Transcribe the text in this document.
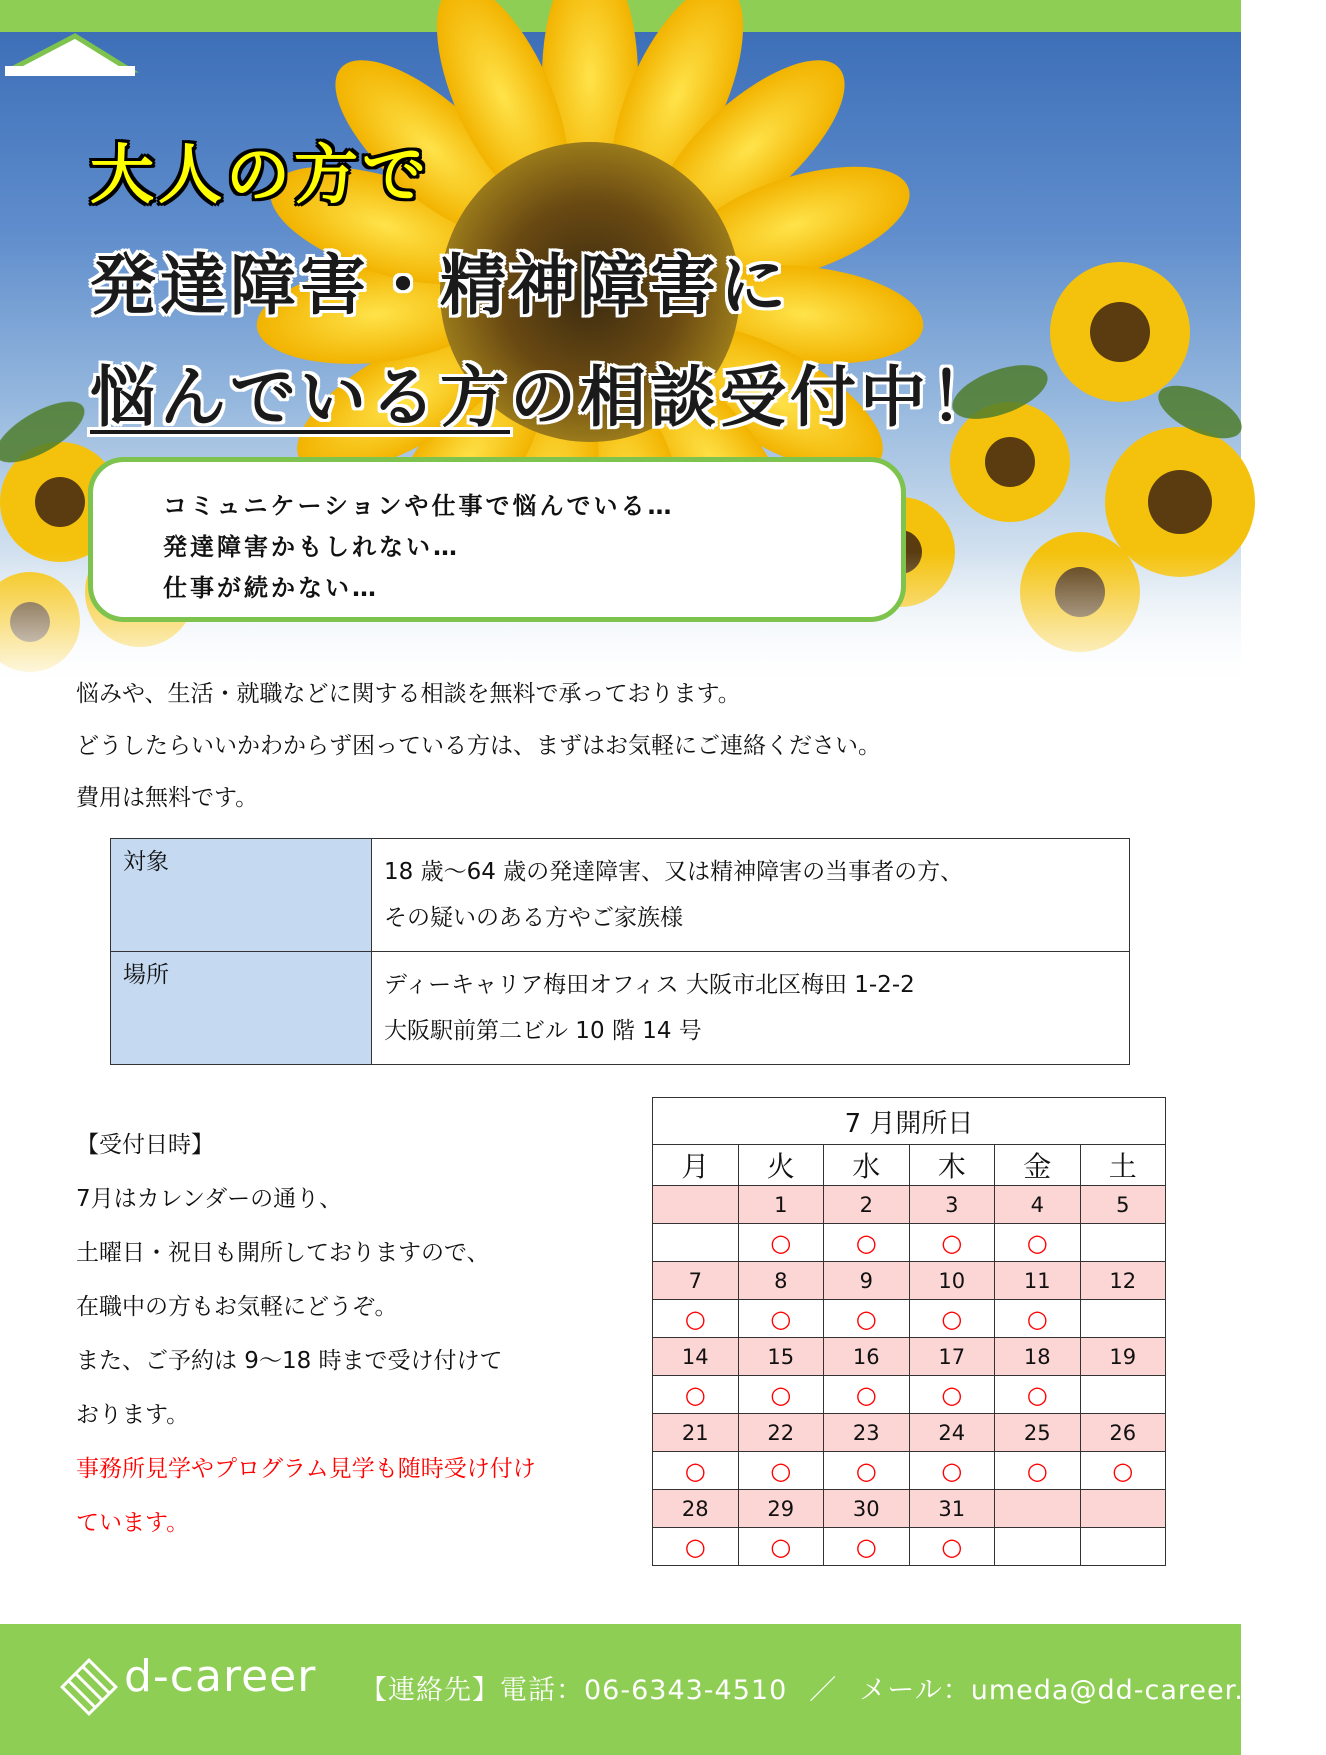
大人の方で
発達障害・精神障害に
悩んでいる方の相談受付中！
コミュニケーションや仕事で悩んでいる…
発達障害かもしれない…
仕事が続かない…
悩みや、生活・就職などに関する相談を無料で承っております。
どうしたらいいかわからず困っている方は、まずはお気軽にご連絡ください。
費用は無料です。
対象	18 歳～64 歳の発達障害、又は精神障害の当事者の方、
その疑いのある方やご家族様

場所	ディーキャリア梅田オフィス 大阪市北区梅田 1-2-2
大阪駅前第二ビル 10 階 14 号
【受付日時】
7月はカレンダーの通り、
土曜日・祝日も開所しておりますので、
在職中の方もお気軽にどうぞ。
また、ご予約は 9～18 時まで受け付けて
おります。
事務所見学やプログラム見学も随時受け付け
ています。
7 月開所日					
月	火	水	木	金	土
	1	2	3	4	5
	○	○	○	○	
7	8	9	10	11	12
○	○	○	○	○	
14	15	16	17	18	19
○	○	○	○	○	
21	22	23	24	25	26
○	○	○	○	○	○
28	29	30	31		
○	○	○	○		
d-career 【連絡先】電話：06-6343-4510 ／ メール：umeda@dd-career.com
